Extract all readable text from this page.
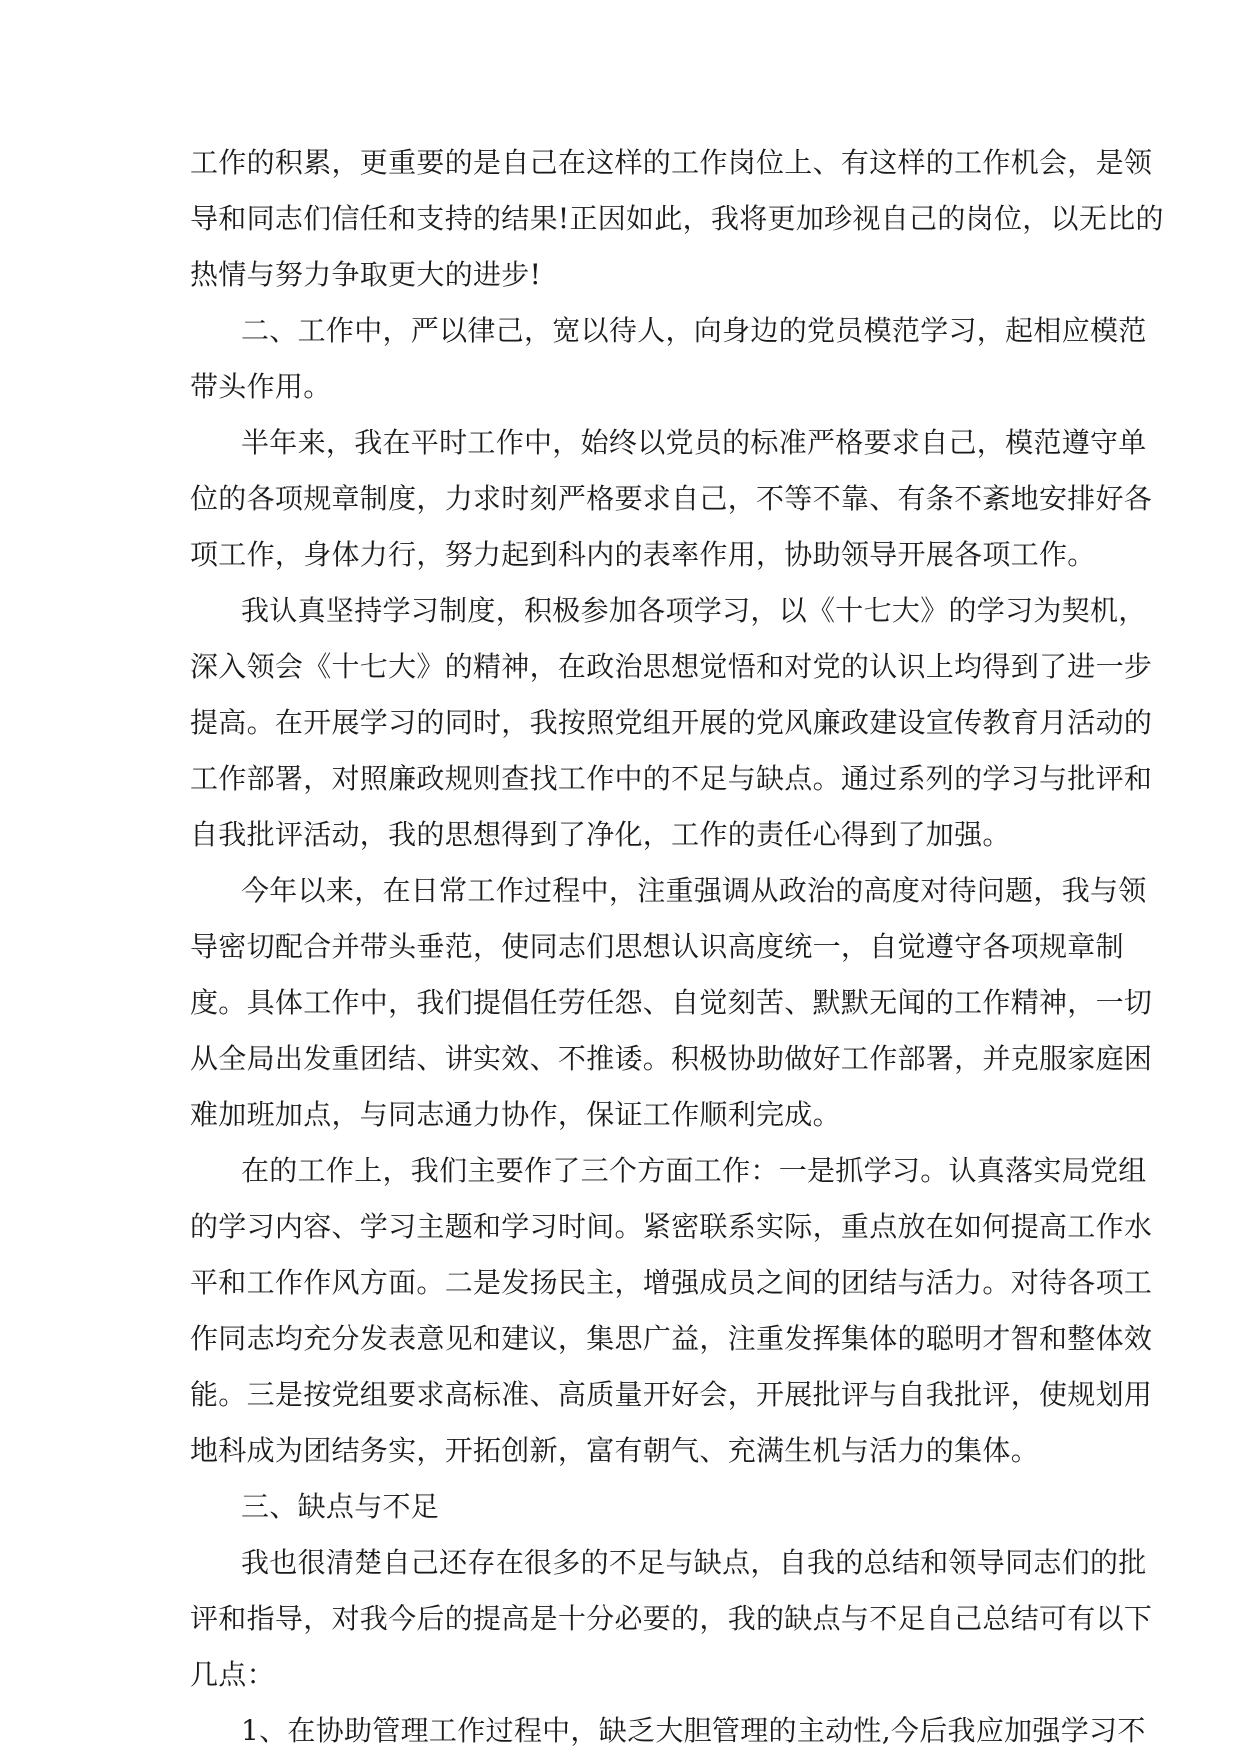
工作的积累，更重要的是自己在这样的工作岗位上、有这样的工作机会，是领
导和同志们信任和支持的结果!正因如此，我将更加珍视自己的岗位，以无比的
热情与努力争取更大的进步!
二、工作中，严以律己，宽以待人，向身边的党员模范学习，起相应模范
带头作用。
半年来，我在平时工作中，始终以党员的标准严格要求自己，模范遵守单
位的各项规章制度，力求时刻严格要求自己，不等不靠、有条不紊地安排好各
项工作，身体力行，努力起到科内的表率作用，协助领导开展各项工作。
我认真坚持学习制度，积极参加各项学习，以《十七大》的学习为契机，
深入领会《十七大》的精神，在政治思想觉悟和对党的认识上均得到了进一步
提高。在开展学习的同时，我按照党组开展的党风廉政建设宣传教育月活动的
工作部署，对照廉政规则查找工作中的不足与缺点。通过系列的学习与批评和
自我批评活动，我的思想得到了净化，工作的责任心得到了加强。
今年以来，在日常工作过程中，注重强调从政治的高度对待问题，我与领
导密切配合并带头垂范，使同志们思想认识高度统一，自觉遵守各项规章制
度。具体工作中，我们提倡任劳任怨、自觉刻苦、默默无闻的工作精神，一切
从全局出发重团结、讲实效、不推诿。积极协助做好工作部署，并克服家庭困
难加班加点，与同志通力协作，保证工作顺利完成。
在的工作上，我们主要作了三个方面工作：一是抓学习。认真落实局党组
的学习内容、学习主题和学习时间。紧密联系实际，重点放在如何提高工作水
平和工作作风方面。二是发扬民主，增强成员之间的团结与活力。对待各项工
作同志均充分发表意见和建议，集思广益，注重发挥集体的聪明才智和整体效
能。三是按党组要求高标准、高质量开好会，开展批评与自我批评，使规划用
地科成为团结务实，开拓创新，富有朝气、充满生机与活力的集体。
三、缺点与不足
我也很清楚自己还存在很多的不足与缺点，自我的总结和领导同志们的批
评和指导，对我今后的提高是十分必要的，我的缺点与不足自己总结可有以下
几点：
1、在协助管理工作过程中，缺乏大胆管理的主动性,今后我应加强学习不
